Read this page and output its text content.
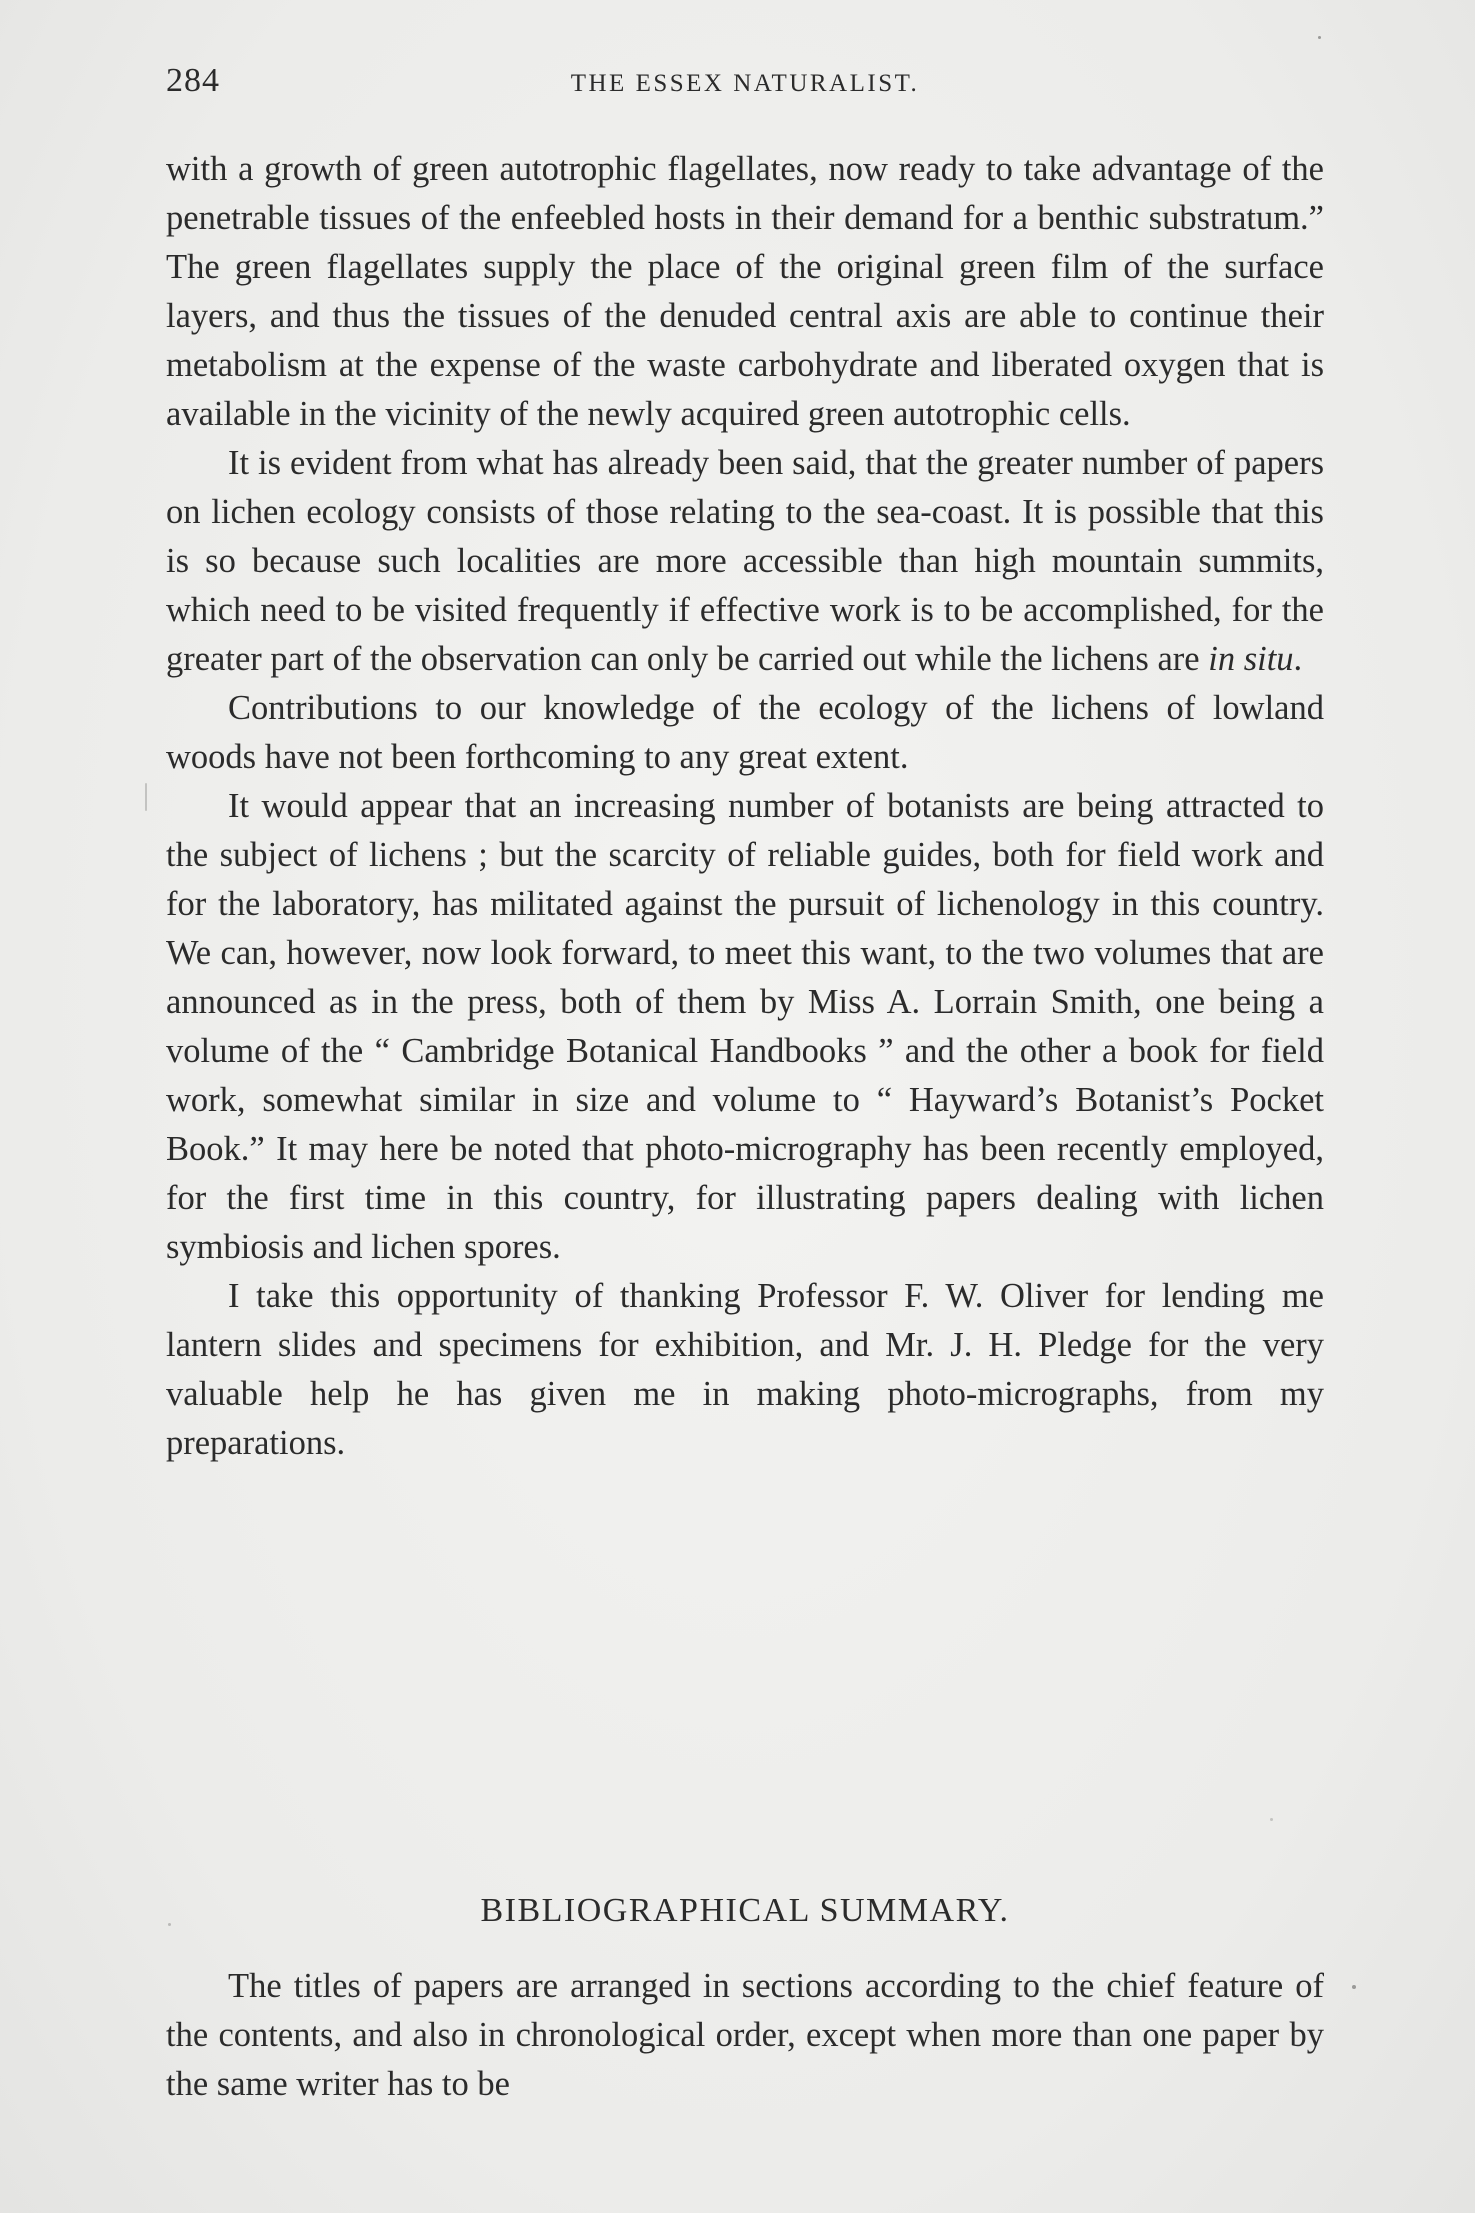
284	THE ESSEX NATURALIST.

with a growth of green autotrophic flagellates, now ready to take advantage of the penetrable tissues of the enfeebled hosts in their demand for a benthic substratum.” The green flagellates supply the place of the original green film of the surface layers, and thus the tissues of the denuded central axis are able to continue their metabolism at the expense of the waste carbohydrate and liberated oxygen that is available in the vicinity of the newly acquired green autotrophic cells.

It is evident from what has already been said, that the greater number of papers on lichen ecology consists of those relating to the sea-coast. It is possible that this is so because such localities are more accessible than high mountain summits, which need to be visited frequently if effective work is to be accomplished, for the greater part of the observation can only be carried out while the lichens are in situ.

Contributions to our knowledge of the ecology of the lichens of lowland woods have not been forthcoming to any great extent.

It would appear that an increasing number of botanists are being attracted to the subject of lichens ; but the scarcity of reliable guides, both for field work and for the laboratory, has militated against the pursuit of lichenology in this country. We can, however, now look forward, to meet this want, to the two volumes that are announced as in the press, both of them by Miss A. Lorrain Smith, one being a volume of the “ Cambridge Botanical Handbooks ” and the other a book for field work, somewhat similar in size and volume to “ Hayward’s Botanist’s Pocket Book.” It may here be noted that photo-micrography has been recently employed, for the first time in this country, for illustrating papers dealing with lichen symbiosis and lichen spores.

I take this opportunity of thanking Professor F. W. Oliver for lending me lantern slides and specimens for exhibition, and Mr. J. H. Pledge for the very valuable help he has given me in making photo-micrographs, from my preparations.

BIBLIOGRAPHICAL SUMMARY.

The titles of papers are arranged in sections according to the chief feature of the contents, and also in chronological order, except when more than one paper by the same writer has to be
